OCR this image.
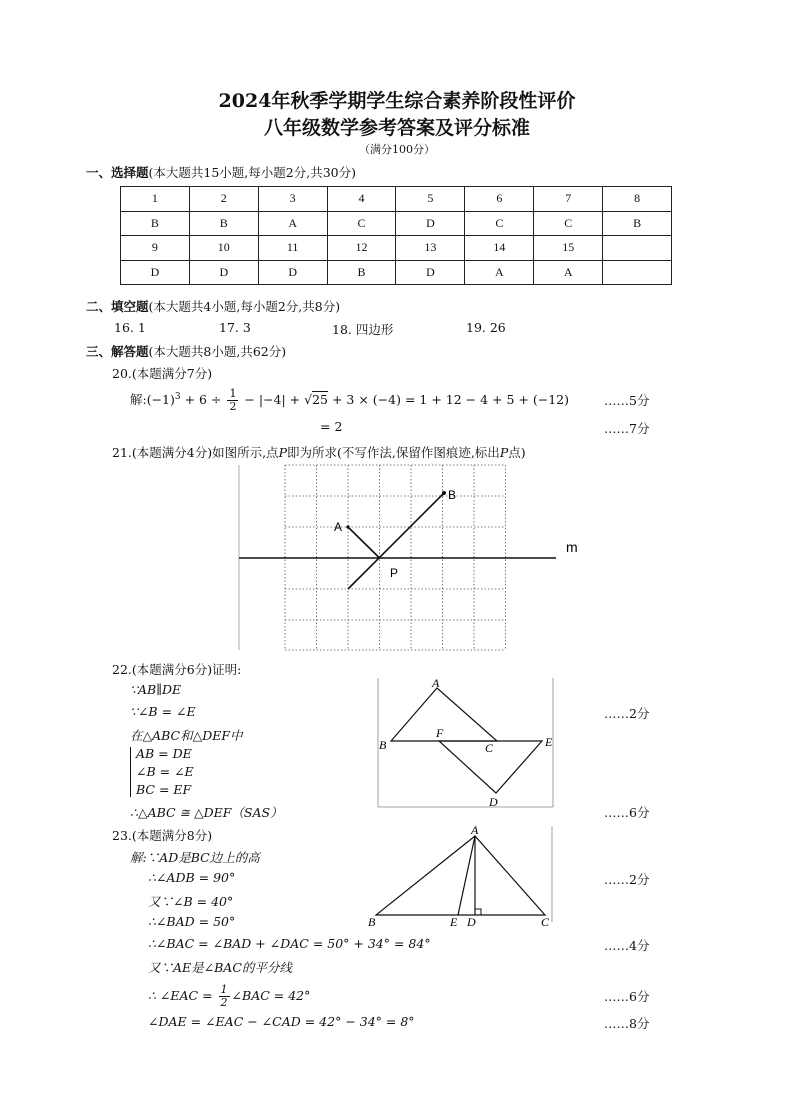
2024年秋季学期学生综合素养阶段性评价
八年级数学参考答案及评分标准
（满分100分）
一、选择题(本大题共15小题,每小题2分,共30分)
1	2	3	4	5	6	7	8
B	B	A	C	D	C	C	B
9	10	11	12	13	14	15	
D	D	D	B	D	A	A	
二、填空题(本大题共4小题,每小题2分,共8分)
16. 1	17. 3	18. 四边形	19. 26
三、解答题(本大题共8小题,共62分)
20.(本题满分7分)
解$:(-1)^3 + 6 \div \frac{1}{2} - |-4| + √25 + 3 \times (-4) = 1 + 12 - 4 + 5 + (-12)$	……5分
= 2	……7分
21.(本题满分4分)如图所示,点P即为所求(不写作法,保留作图痕迹,标出P点)
A
B
P
m
22.(本题满分6分)证明:
∵AB∥DE
∵∠B = ∠E	……2分
在△ABC和△DEF中
AB = DE
∠B = ∠E
BC = EF
∴△ABC ≅ △DEF（SAS）	……6分
A
B	C	E
F
D
23.(本题满分8分)
解:∵AD是BC边上的高
∴∠ADB = 90°	……2分
又∵∠B = 40°
∴∠BAD = 50°
∴∠BAC = ∠BAD + ∠DAC = 50° + 34° = 84°	……4分
又∵AE是∠BAC的平分线
∴ ∠EAC = $\frac{1}{2}$ ∠BAC = 42°	……6分
∠DAE = ∠EAC − ∠CAD = 42° − 34° = 8°	……8分
A
B	E D	C
